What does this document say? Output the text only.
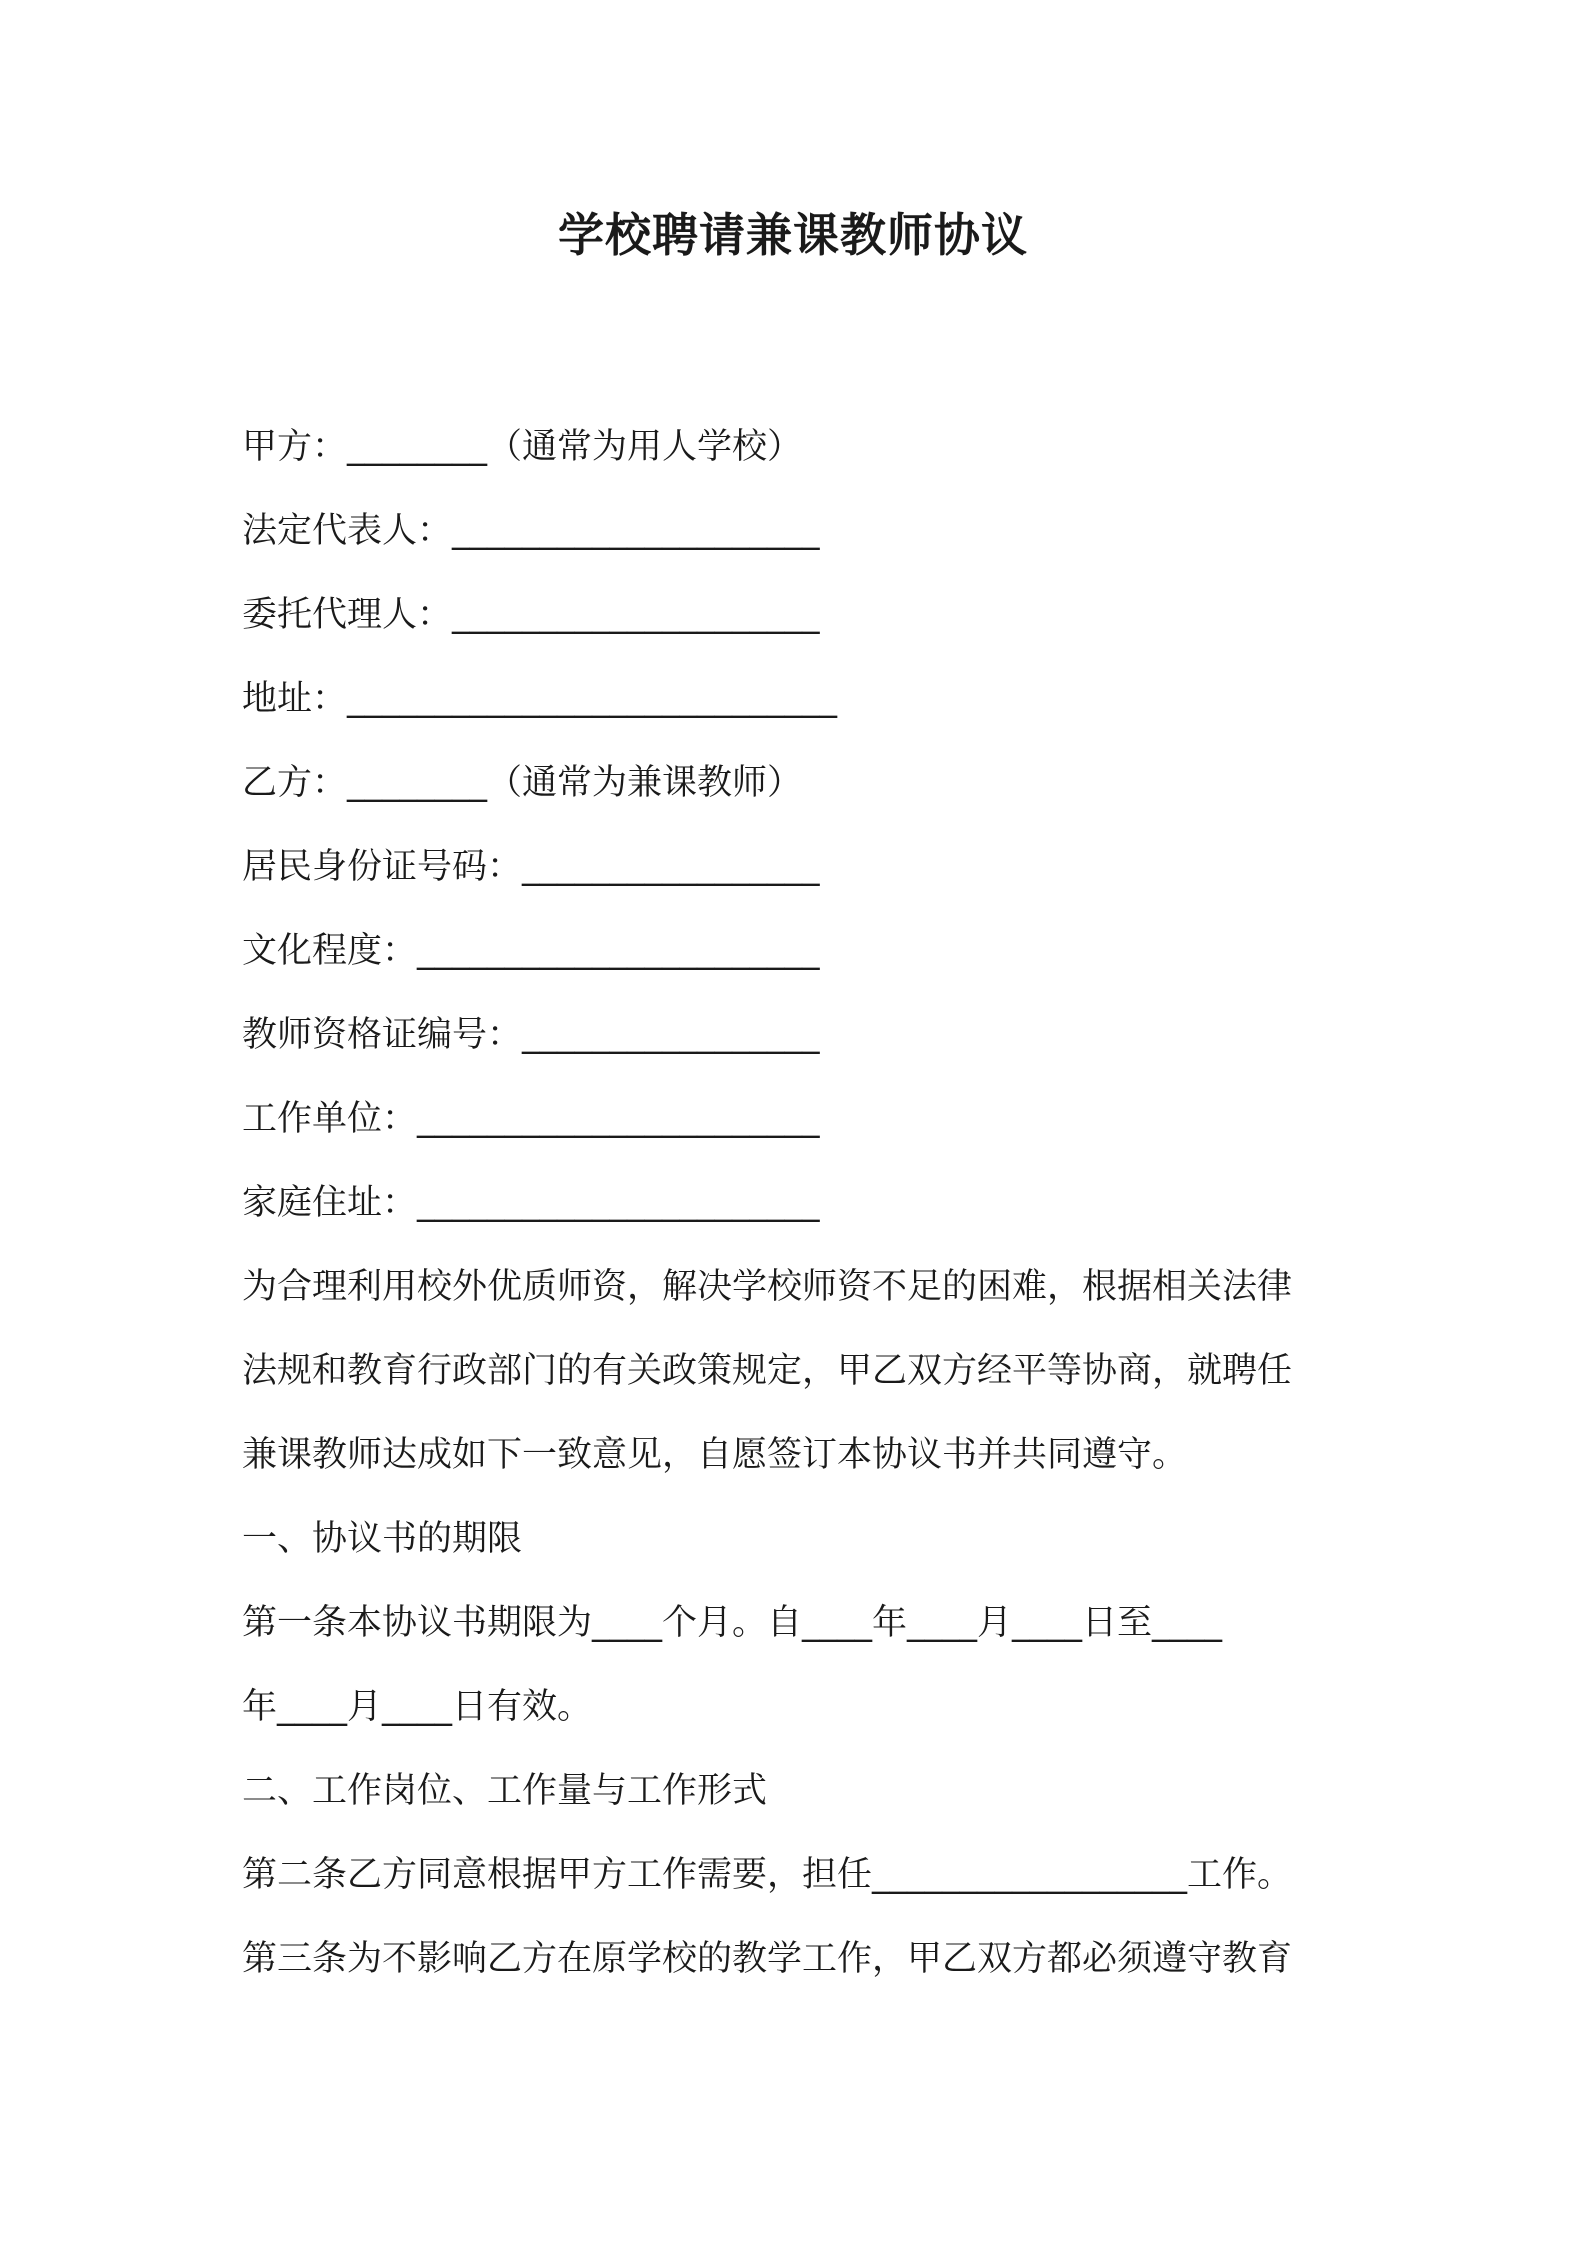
学校聘请兼课教师协议
甲方：________（通常为用人学校）
法定代表人：_____________________
委托代理人：_____________________
地址：____________________________
乙方：________（通常为兼课教师）
居民身份证号码：_________________
文化程度：_______________________
教师资格证编号：_________________
工作单位：_______________________
家庭住址：_______________________
为合理利用校外优质师资，解决学校师资不足的困难，根据相关法律
法规和教育行政部门的有关政策规定，甲乙双方经平等协商，就聘任
兼课教师达成如下一致意见，自愿签订本协议书并共同遵守。
一、协议书的期限
第一条本协议书期限为____个月。自____年____月____日至____
年____月____日有效。
二、工作岗位、工作量与工作形式
第二条乙方同意根据甲方工作需要，担任__________________工作。
第三条为不影响乙方在原学校的教学工作，甲乙双方都必须遵守教育
